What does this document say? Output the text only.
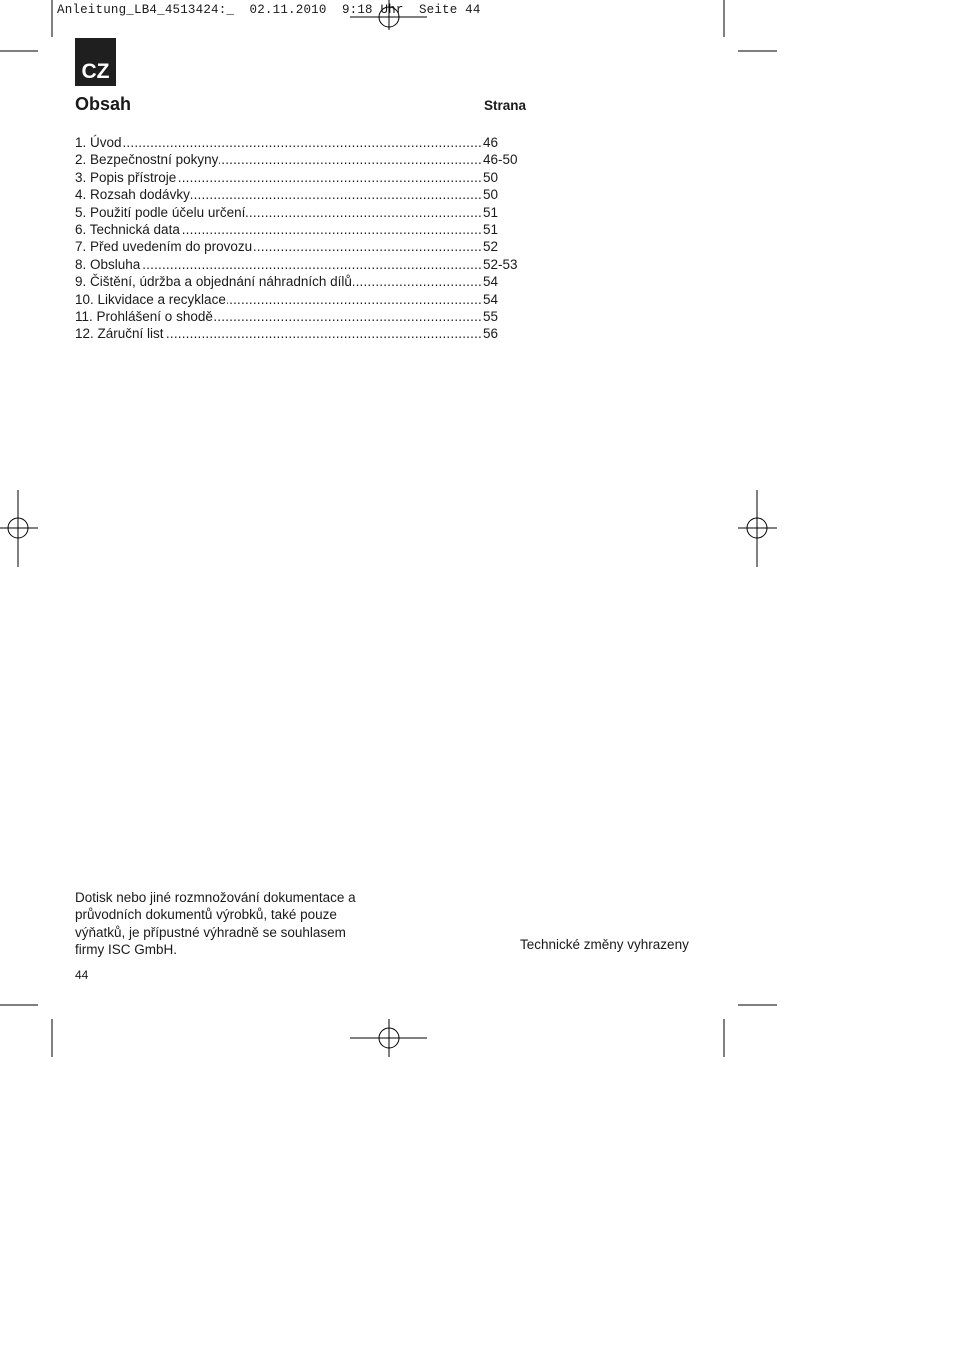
Anleitung_LB4_4513424:_  02.11.2010  9:18 Uhr  Seite 44
CZ
Obsah	Strana
1. Úvod .....	46
2. Bezpečnostní pokyny .....	46-50
3. Popis přístroje .....	50
4. Rozsah dodávky .....	50
5. Použití podle účelu určení .....	51
6. Technická data .....	51
7. Před uvedením do provozu .....	52
8. Obsluha .....	52-53
9. Čištění, údržba a objednání náhradních dílů .....	54
10. Likvidace a recyklace .....	54
11. Prohlášení o shodě .....	55
12. Záruční list .....	56
Dotisk nebo jiné rozmnožování dokumentace a
průvodních dokumentů výrobků, také pouze
výňatků, je přípustné výhradně se souhlasem
firmy ISC GmbH.	Technické změny vyhrazeny
44
